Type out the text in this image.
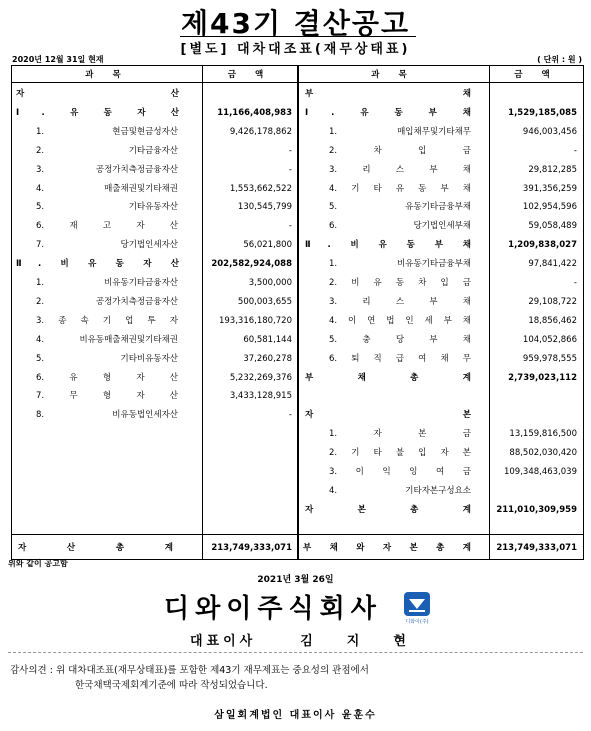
제43기 결산공고
[별도] 대차대조표(재무상태표)
2020년 12월 31일 현재	( 단위 : 원 )
과 목	금 액	과 목	금 액
자 산 총 계	213,749,333,071 부 채 와 자 본 총 계	213,749,333,071
자 산
Ⅰ. 유 동 자 산	11,166,408,983
1. 현금및현금성자산	9,426,178,862
2. 기타금융자산	-
3. 공정가치측정금융자산	-
4. 매출채권및기타채권	1,553,662,522
5. 기타유동자산	130,545,799
6. 재 고 자 산	-
7. 당기법인세자산	56,021,800
Ⅱ. 비 유 동 자 산	202,582,924,088
1. 비유동기타금융자산	3,500,000
2. 공정가치측정금융자산	500,003,655
3. 종 속 기 업 투 자	193,316,180,720
4. 비유동매출채권및기타채권	60,581,144
5. 기타비유동자산	37,260,278
6. 유 형 자 산	5,232,269,376
7. 무 형 자 산	3,433,128,915
8. 비유동법인세자산	-
부 채
Ⅰ. 유 동 부 채	1,529,185,085
1. 매입채무및기타채무	946,003,456
2. 차 입 금	-
3. 리 스 부 채	29,812,285
4. 기 타 유 동 부 채	391,356,259
5. 유동기타금융부채	102,954,596
6. 당기법인세부채	59,058,489
Ⅱ. 비 유 동 부 채	1,209,838,027
1. 비유동기타금융부채	97,841,422
2. 비 유 동 차 입 금	-
3. 리 스 부 채	29,108,722
4. 이 연 법 인 세 부 채	18,856,462
5. 충 당 부 채	104,052,866
6. 퇴 직 급 여 채 무	959,978,555
부 채 총 계	2,739,023,112
자 본
1. 자 본 금	13,159,816,500
2. 기 타 불 입 자 본	88,502,030,420
3. 이 익 잉 여 금	109,348,463,039
4. 기타자본구성요소
자 본 총 계	211,010,309,959
위와 같이 공고함
2021년 3월 26일
디와이주식회사	디와이(주)
대표이사	김지현
감사의견 : 위 대차대조표(재무상태표)를 포함한 제43기 재무제표는 중요성의 관점에서
한국채택국제회계기준에 따라 작성되었습니다.
삼일회계법인 대표이사 윤훈수
